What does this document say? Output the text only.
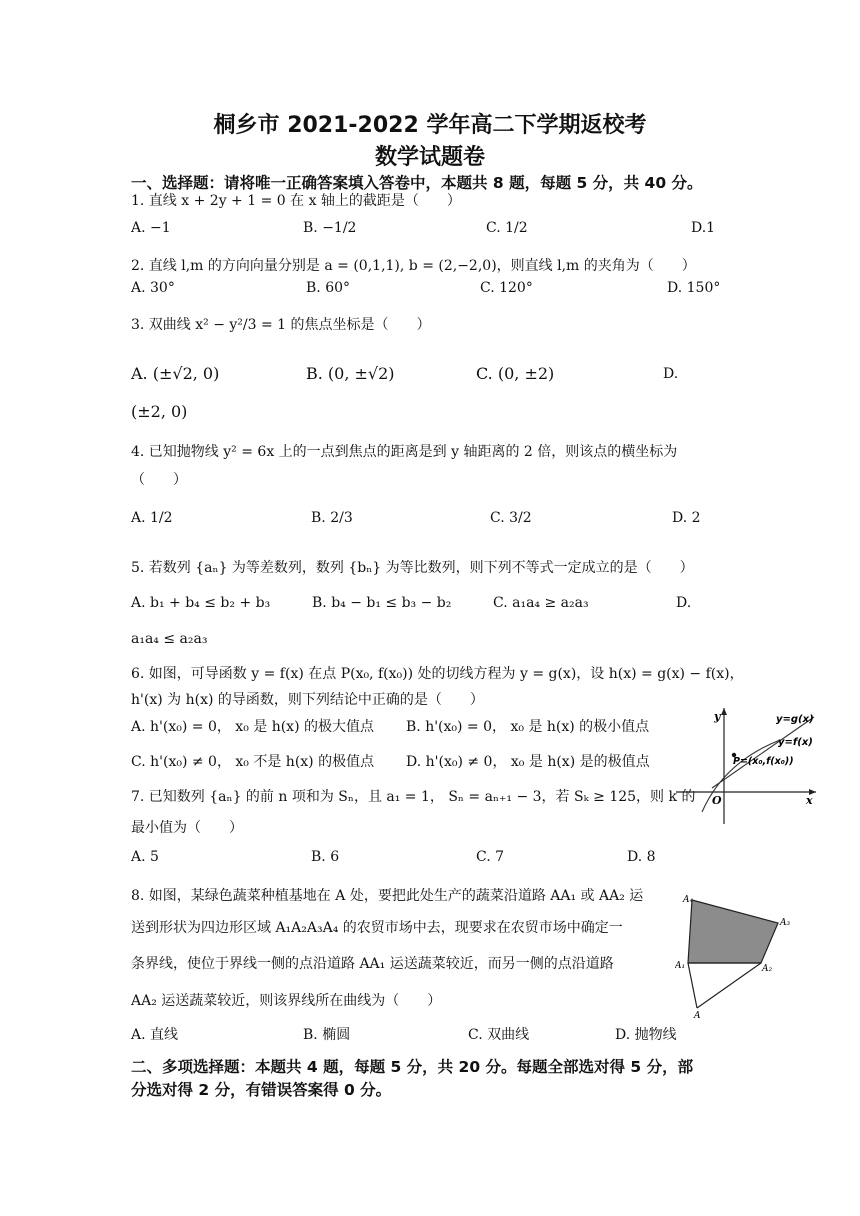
桐乡市 2021-2022 学年高二下学期返校考
数学试题卷
一、选择题：请将唯一正确答案填入答卷中，本题共 8 题，每题 5 分，共 40 分。
1. 直线 x + 2y + 1 = 0 在 x 轴上的截距是（　　）
A. −1	B. −1/2	C. 1/2	D.1
2. 直线 l,m 的方向向量分别是 a = (0,1,1), b = (2,−2,0)，则直线 l,m 的夹角为（　　）
A. 30°	B. 60°	C. 120°	D. 150°
3. 双曲线 x² − y²/3 = 1 的焦点坐标是（　　）
A. (±√2, 0)	B. (0, ±√2)	C. (0, ±2)	D.
(±2, 0)
4. 已知抛物线 y² = 6x 上的一点到焦点的距离是到 y 轴距离的 2 倍，则该点的横坐标为
（　　）
A. 1/2	B. 2/3	C. 3/2	D. 2
5. 若数列 {aₙ} 为等差数列，数列 {bₙ} 为等比数列，则下列不等式一定成立的是（　　）
A. b₁ + b₄ ≤ b₂ + b₃	B. b₄ − b₁ ≤ b₃ − b₂	C. a₁a₄ ≥ a₂a₃	D.
a₁a₄ ≤ a₂a₃
6. 如图，可导函数 y = f(x) 在点 P(x₀, f(x₀)) 处的切线方程为 y = g(x)，设 h(x) = g(x) − f(x)，
h'(x) 为 h(x) 的导函数，则下列结论中正确的是（　　）
A. h'(x₀) = 0， x₀ 是 h(x) 的极大值点 B. h'(x₀) = 0， x₀ 是 h(x) 的极小值点
C. h'(x₀) ≠ 0， x₀ 不是 h(x) 的极值点 D. h'(x₀) ≠ 0， x₀ 是 h(x) 是的极值点
y
x
O
y=g(x)
y=f(x)
P=(x₀,f(x₀))
7. 已知数列 {aₙ} 的前 n 项和为 Sₙ，且 a₁ = 1， Sₙ = aₙ₊₁ − 3，若 Sₖ ≥ 125，则 k 的
最小值为（　　）
A. 5	B. 6	C. 7	D. 8
8. 如图，某绿色蔬菜种植基地在 A 处，要把此处生产的蔬菜沿道路 AA₁ 或 AA₂ 运
送到形状为四边形区域 A₁A₂A₃A₄ 的农贸市场中去，现要求在农贸市场中确定一
条界线，使位于界线一侧的点沿道路 AA₁ 运送蔬菜较近，而另一侧的点沿道路
AA₂ 运送蔬菜较近，则该界线所在曲线为（　　）
A. 直线	B. 椭圆	C. 双曲线	D. 抛物线
A₄
A₃
A₁	A₂
A
二、多项选择题：本题共 4 题，每题 5 分，共 20 分。每题全部选对得 5 分，部
分选对得 2 分，有错误答案得 0 分。
